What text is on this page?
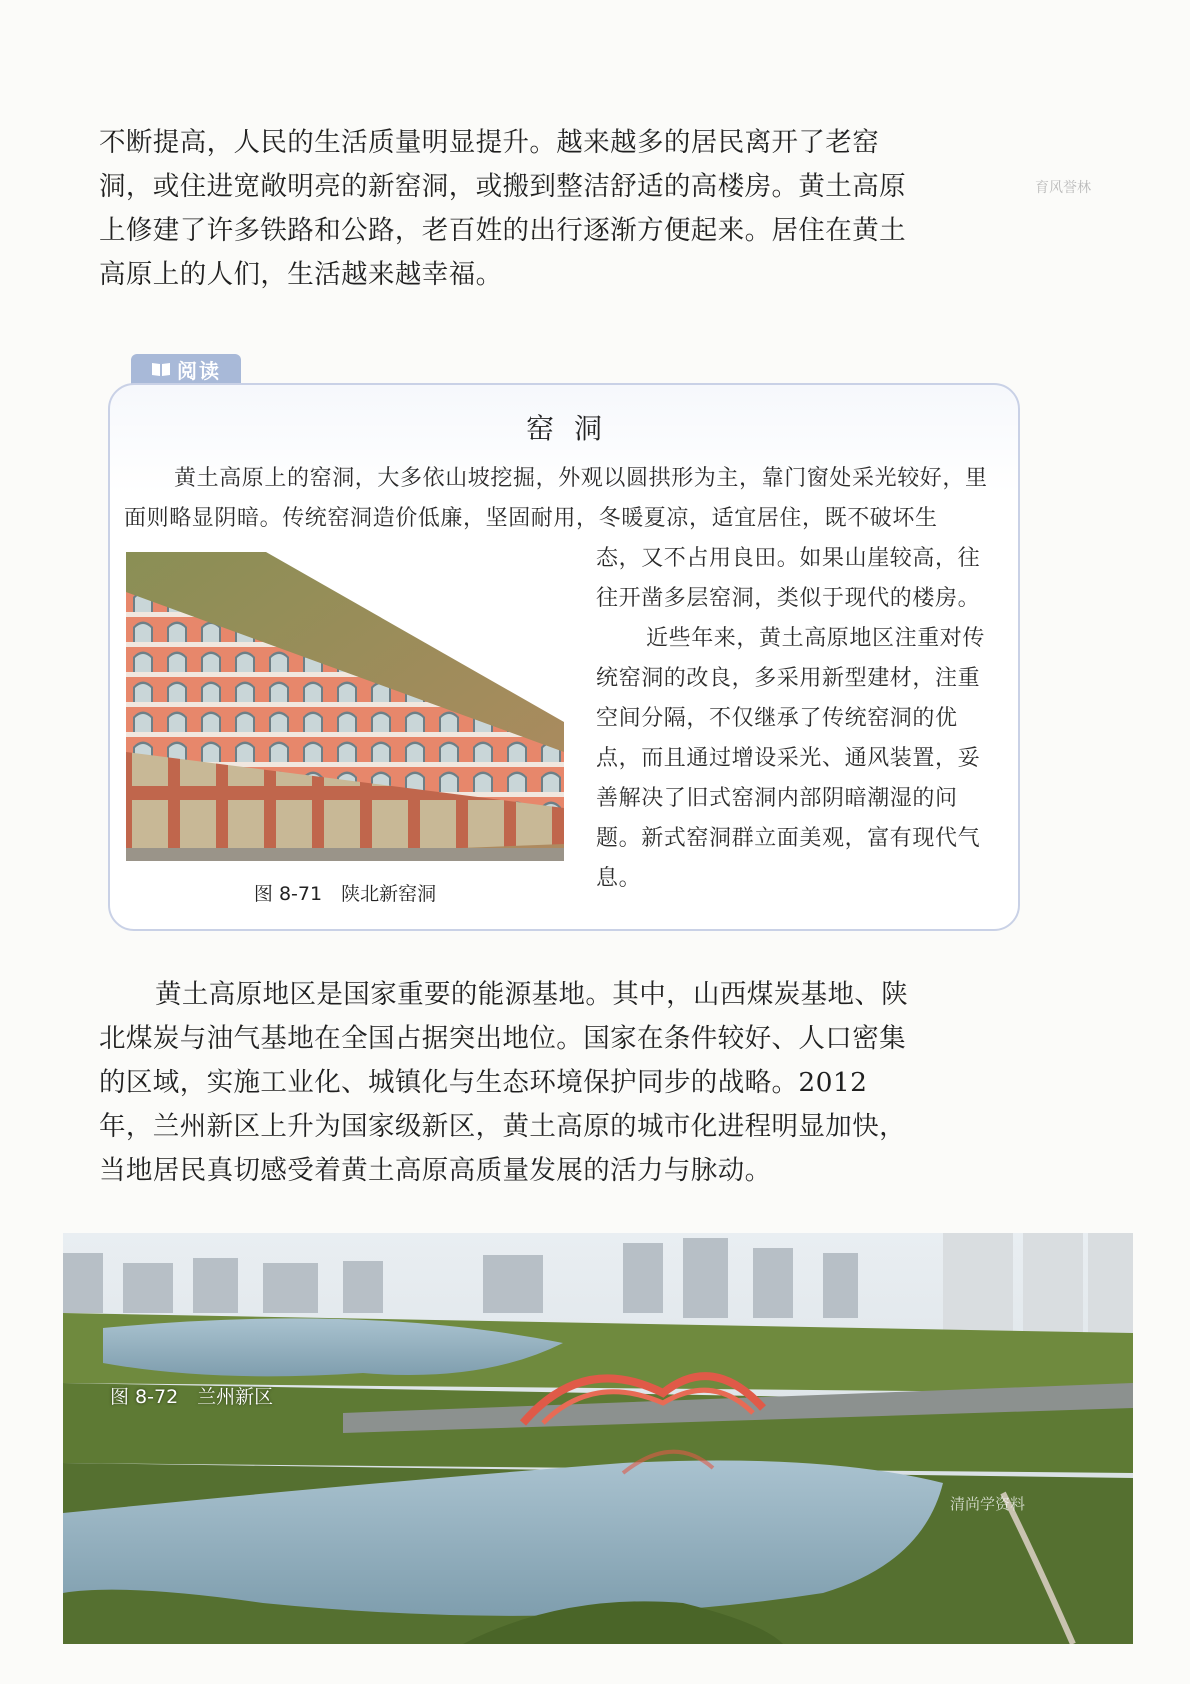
不断提高，人民的生活质量明显提升。越来越多的居民离开了老窑洞，或住进宽敞明亮的新窑洞，或搬到整洁舒适的高楼房。黄土高原上修建了许多铁路和公路，老百姓的出行逐渐方便起来。居住在黄土高原上的人们，生活越来越幸福。

育风誉林
阅读
窑洞

黄土高原上的窑洞，大多依山坡挖掘，外观以圆拱形为主，靠门窗处采光较好，里面则略显阴暗。传统窑洞造价低廉，坚固耐用，冬暖夏凉，适宜居住，既不破坏生

态，又不占用良田。如果山崖较高，往往开凿多层窑洞，类似于现代的楼房。

近些年来，黄土高原地区注重对传统窑洞的改良，多采用新型建材，注重空间分隔，不仅继承了传统窑洞的优点，而且通过增设采光、通风装置，妥善解决了旧式窑洞内部阴暗潮湿的问题。新式窑洞群立面美观，富有现代气息。

图 8-71　陕北新窑洞

黄土高原地区是国家重要的能源基地。其中，山西煤炭基地、陕北煤炭与油气基地在全国占据突出地位。国家在条件较好、人口密集的区域，实施工业化、城镇化与生态环境保护同步的战略。2012 年，兰州新区上升为国家级新区，黄土高原的城市化进程明显加快，当地居民真切感受着黄土高原高质量发展的活力与脉动。

图 8-72　兰州新区
清尚学资料
